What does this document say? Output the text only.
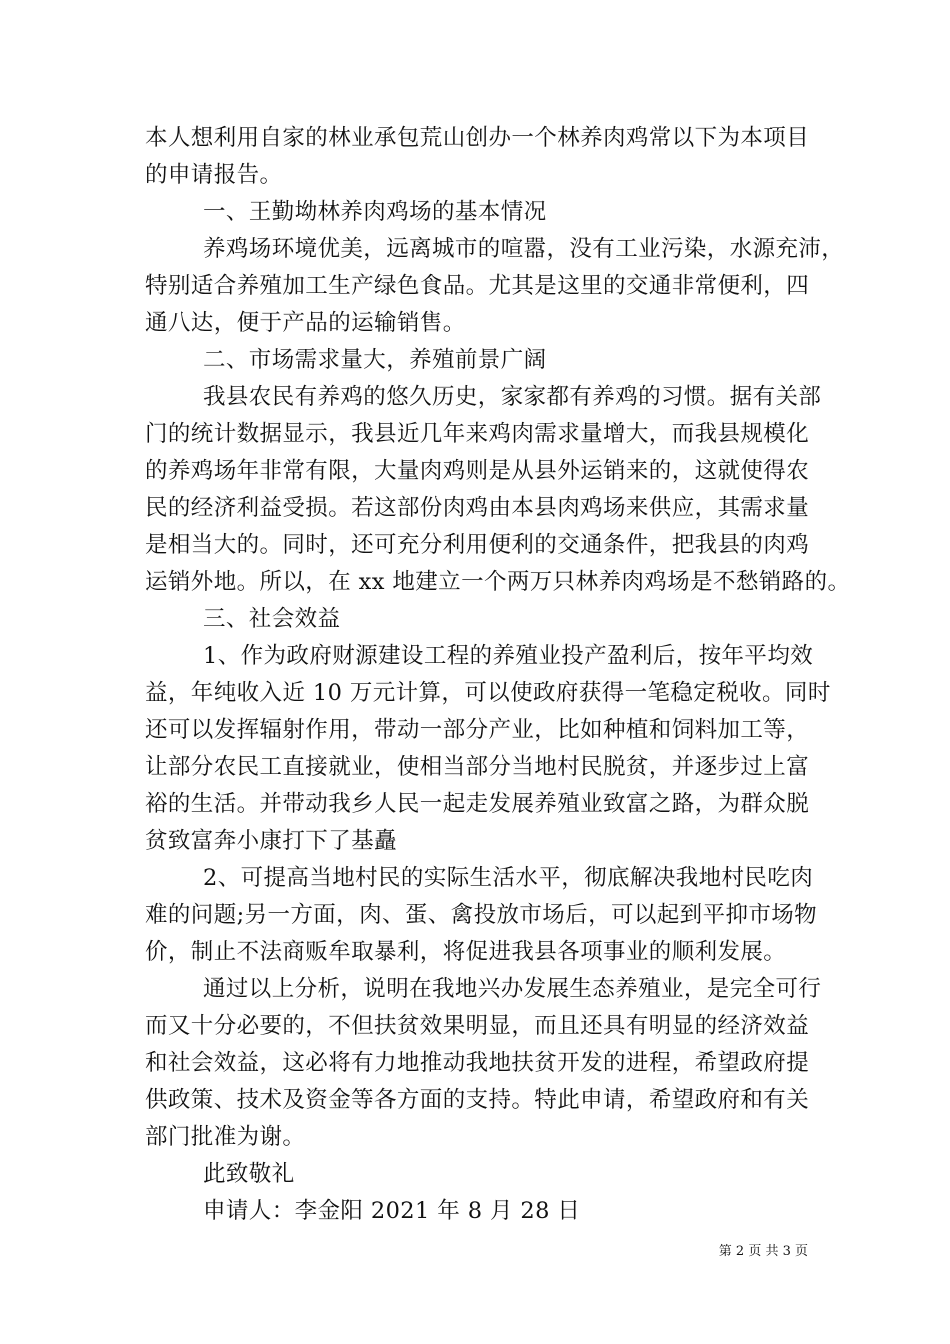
本人想利用自家的林业承包荒山创办一个林养肉鸡常以下为本项目
的申请报告。
一、王勤坳林养肉鸡场的基本情况
养鸡场环境优美，远离城市的喧嚣，没有工业污染，水源充沛，
特别适合养殖加工生产绿色食品。尤其是这里的交通非常便利，四
通八达，便于产品的运输销售。
二、市场需求量大，养殖前景广阔
我县农民有养鸡的悠久历史，家家都有养鸡的习惯。据有关部
门的统计数据显示，我县近几年来鸡肉需求量增大，而我县规模化
的养鸡场年非常有限，大量肉鸡则是从县外运销来的，这就使得农
民的经济利益受损。若这部份肉鸡由本县肉鸡场来供应，其需求量
是相当大的。同时，还可充分利用便利的交通条件，把我县的肉鸡
运销外地。所以，在 xx 地建立一个两万只林养肉鸡场是不愁销路的。
三、社会效益
1、作为政府财源建设工程的养殖业投产盈利后，按年平均效
益，年纯收入近 10 万元计算，可以使政府获得一笔稳定税收。同时
还可以发挥辐射作用，带动一部分产业，比如种植和饲料加工等，
让部分农民工直接就业，使相当部分当地村民脱贫，并逐步过上富
裕的生活。并带动我乡人民一起走发展养殖业致富之路，为群众脱
贫致富奔小康打下了基矗
2、可提高当地村民的实际生活水平，彻底解决我地村民吃肉
难的问题;另一方面，肉、蛋、禽投放市场后，可以起到平抑市场物
价，制止不法商贩牟取暴利，将促进我县各项事业的顺利发展。
通过以上分析，说明在我地兴办发展生态养殖业，是完全可行
而又十分必要的，不但扶贫效果明显，而且还具有明显的经济效益
和社会效益，这必将有力地推动我地扶贫开发的进程，希望政府提
供政策、技术及资金等各方面的支持。特此申请，希望政府和有关
部门批准为谢。
此致敬礼
申请人：李金阳 2021 年 8 月 28 日
第 2 页 共 3 页
